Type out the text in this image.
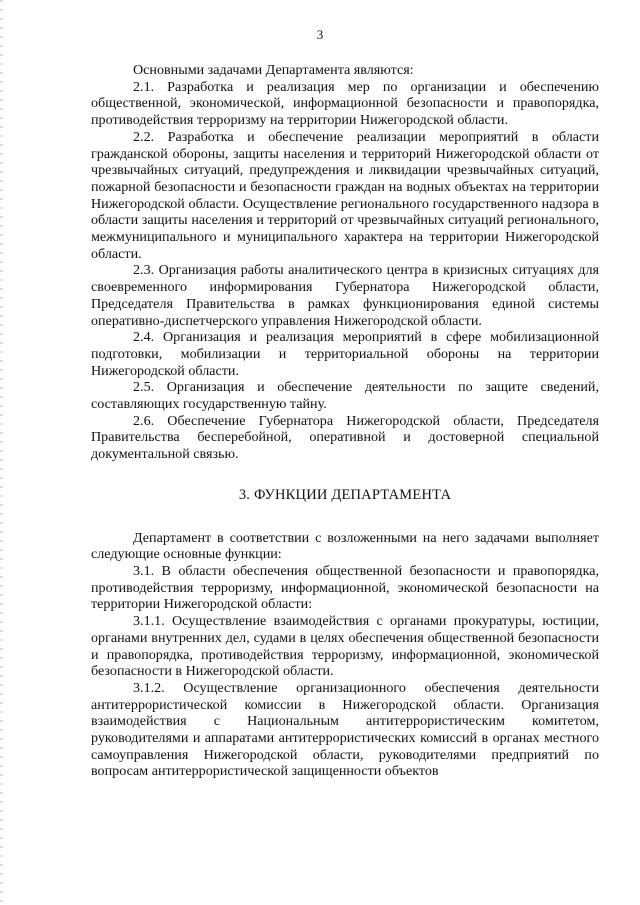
3

Основными задачами Департамента являются:

2.1. Разработка и реализация мер по организации и обеспечению общественной, экономической, информационной безопасности и правопорядка, противодействия терроризму на территории Нижегородской области.

2.2. Разработка и обеспечение реализации мероприятий в области гражданской обороны, защиты населения и территорий Нижегородской области от чрезвычайных ситуаций, предупреждения и ликвидации чрезвычайных ситуаций, пожарной безопасности и безопасности граждан на водных объектах на территории Нижегородской области. Осуществление регионального государственного надзора в области защиты населения и территорий от чрезвычайных ситуаций регионального, межмуниципального и муниципального характера на территории Нижегородской области.

2.3. Организация работы аналитического центра в кризисных ситуациях для своевременного информирования Губернатора Нижегородской области, Председателя Правительства в рамках функционирования единой системы оперативно-диспетчерского управления Нижегородской области.

2.4. Организация и реализация мероприятий в сфере мобилизационной подготовки, мобилизации и территориальной обороны на территории Нижегородской области.

2.5. Организация и обеспечение деятельности по защите сведений, составляющих государственную тайну.

2.6. Обеспечение Губернатора Нижегородской области, Председателя Правительства бесперебойной, оперативной и достоверной специальной документальной связью.

3. ФУНКЦИИ ДЕПАРТАМЕНТА

Департамент в соответствии с возложенными на него задачами выполняет следующие основные функции:

3.1. В области обеспечения общественной безопасности и правопорядка, противодействия терроризму, информационной, экономической безопасности на территории Нижегородской области:

3.1.1. Осуществление взаимодействия с органами прокуратуры, юстиции, органами внутренних дел, судами в целях обеспечения общественной безопасности и правопорядка, противодействия терроризму, информационной, экономической безопасности в Нижегородской области.

3.1.2. Осуществление организационного обеспечения деятельности антитеррористической комиссии в Нижегородской области. Организация взаимодействия с Национальным антитеррористическим комитетом, руководителями и аппаратами антитеррористических комиссий в органах местного самоуправления Нижегородской области, руководителями предприятий по вопросам антитеррористической защищенности объектов
